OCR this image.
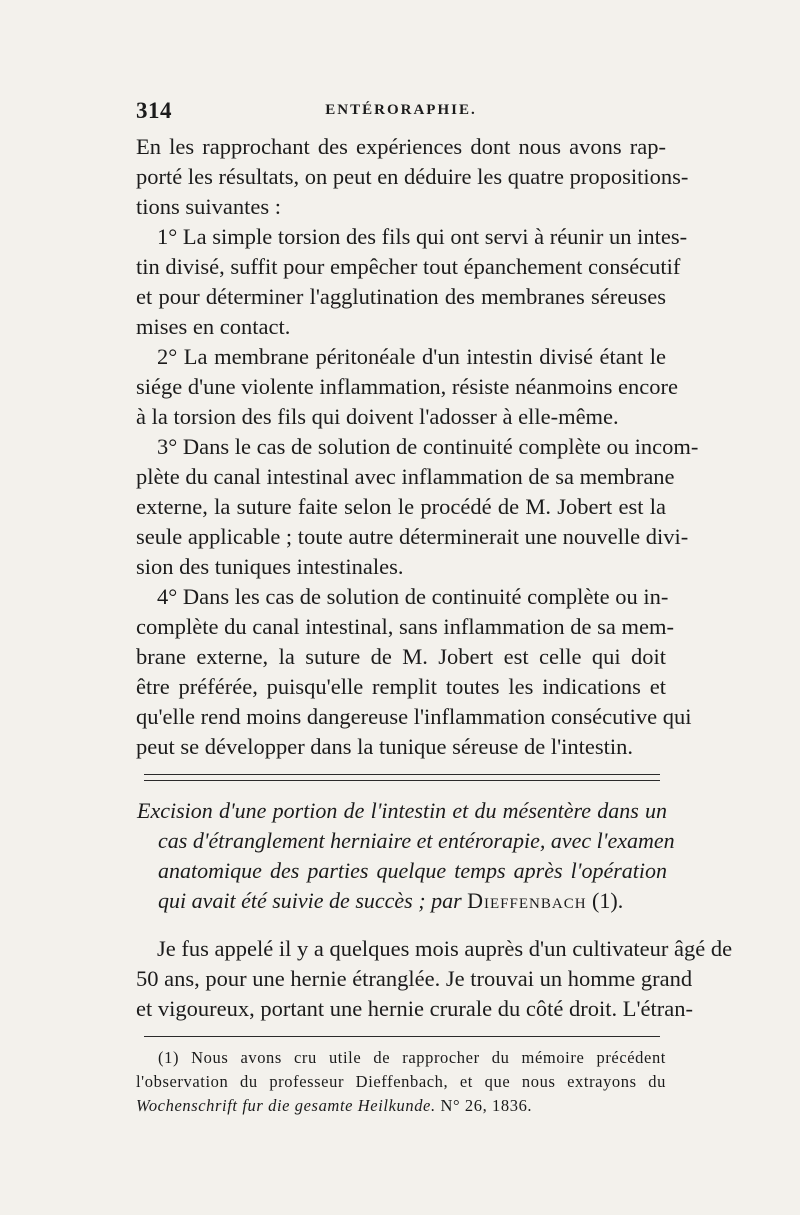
314	ENTÉRORAPHIE.
En les rapprochant des expériences dont nous avons rap-
porté les résultats, on peut en déduire les quatre propositions-
tions suivantes :
1° La simple torsion des fils qui ont servi à réunir un intes-
tin divisé, suffit pour empêcher tout épanchement consécutif
et pour déterminer l'agglutination des membranes séreuses
mises en contact.
2° La membrane péritonéale d'un intestin divisé étant le
siége d'une violente inflammation, résiste néanmoins encore
à la torsion des fils qui doivent l'adosser à elle-même.
3° Dans le cas de solution de continuité complète ou incom-
plète du canal intestinal avec inflammation de sa membrane
externe, la suture faite selon le procédé de M. Jobert est la
seule applicable ; toute autre déterminerait une nouvelle divi-
sion des tuniques intestinales.
4° Dans les cas de solution de continuité complète ou in-
complète du canal intestinal, sans inflammation de sa mem-
brane externe, la suture de M. Jobert est celle qui doit
être préférée, puisqu'elle remplit toutes les indications et
qu'elle rend moins dangereuse l'inflammation consécutive qui
peut se développer dans la tunique séreuse de l'intestin.
Excision d'une portion de l'intestin et du mésentère dans un
cas d'étranglement herniaire et entérorapie, avec l'examen
anatomique des parties quelque temps après l'opération
qui avait été suivie de succès ; par Dieffenbach (1).
Je fus appelé il y a quelques mois auprès d'un cultivateur âgé de
50 ans, pour une hernie étranglée. Je trouvai un homme grand
et vigoureux, portant une hernie crurale du côté droit. L'étran-
(1) Nous avons cru utile de rapprocher du mémoire précédent
l'observation du professeur Dieffenbach, et que nous extrayons du
Wochenschrift fur die gesamte Heilkunde. N° 26, 1836.
